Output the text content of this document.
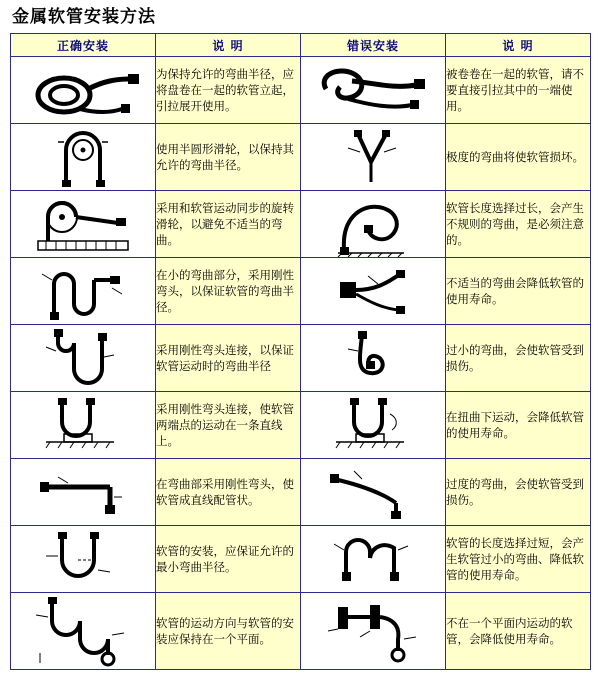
金属软管安装方法
正确安装	说 明	错误安装	说 明

	为保持允许的弯曲半径，应将盘卷在一起的软管立起，引拉展开使用。		被卷卷在一起的软管，请不要直接引拉其中的一端使用。

	使用半圆形滑轮，以保持其允许的弯曲半径。		极度的弯曲将使软管损坏。

	采用和软管运动同步的旋转滑轮，以避免不适当的弯曲。		软管长度选择过长，会产生不规则的弯曲，是必须注意的。

	在小的弯曲部分，采用刚性弯头，以保证软管的弯曲半径。		不适当的弯曲会降低软管的使用寿命。

	采用刚性弯头连接，以保证软管运动时的弯曲半径		过小的弯曲，会使软管受到损伤。

	采用刚性弯头连接，使软管两端点的运动在一条直线上。		在扭曲下运动，会降低软管的使用寿命。

	在弯曲部采用刚性弯头，使软管成直线配管状。		过度的弯曲，会使软管受到损伤。

	软管的安装，应保证允许的最小弯曲半径。		软管的长度选择过短，会产生软管过小的弯曲、降低软管的使用寿命。

	软管的运动方向与软管的安装应保持在一个平面。		不在一个平面内运动的软管，会降低使用寿命。
